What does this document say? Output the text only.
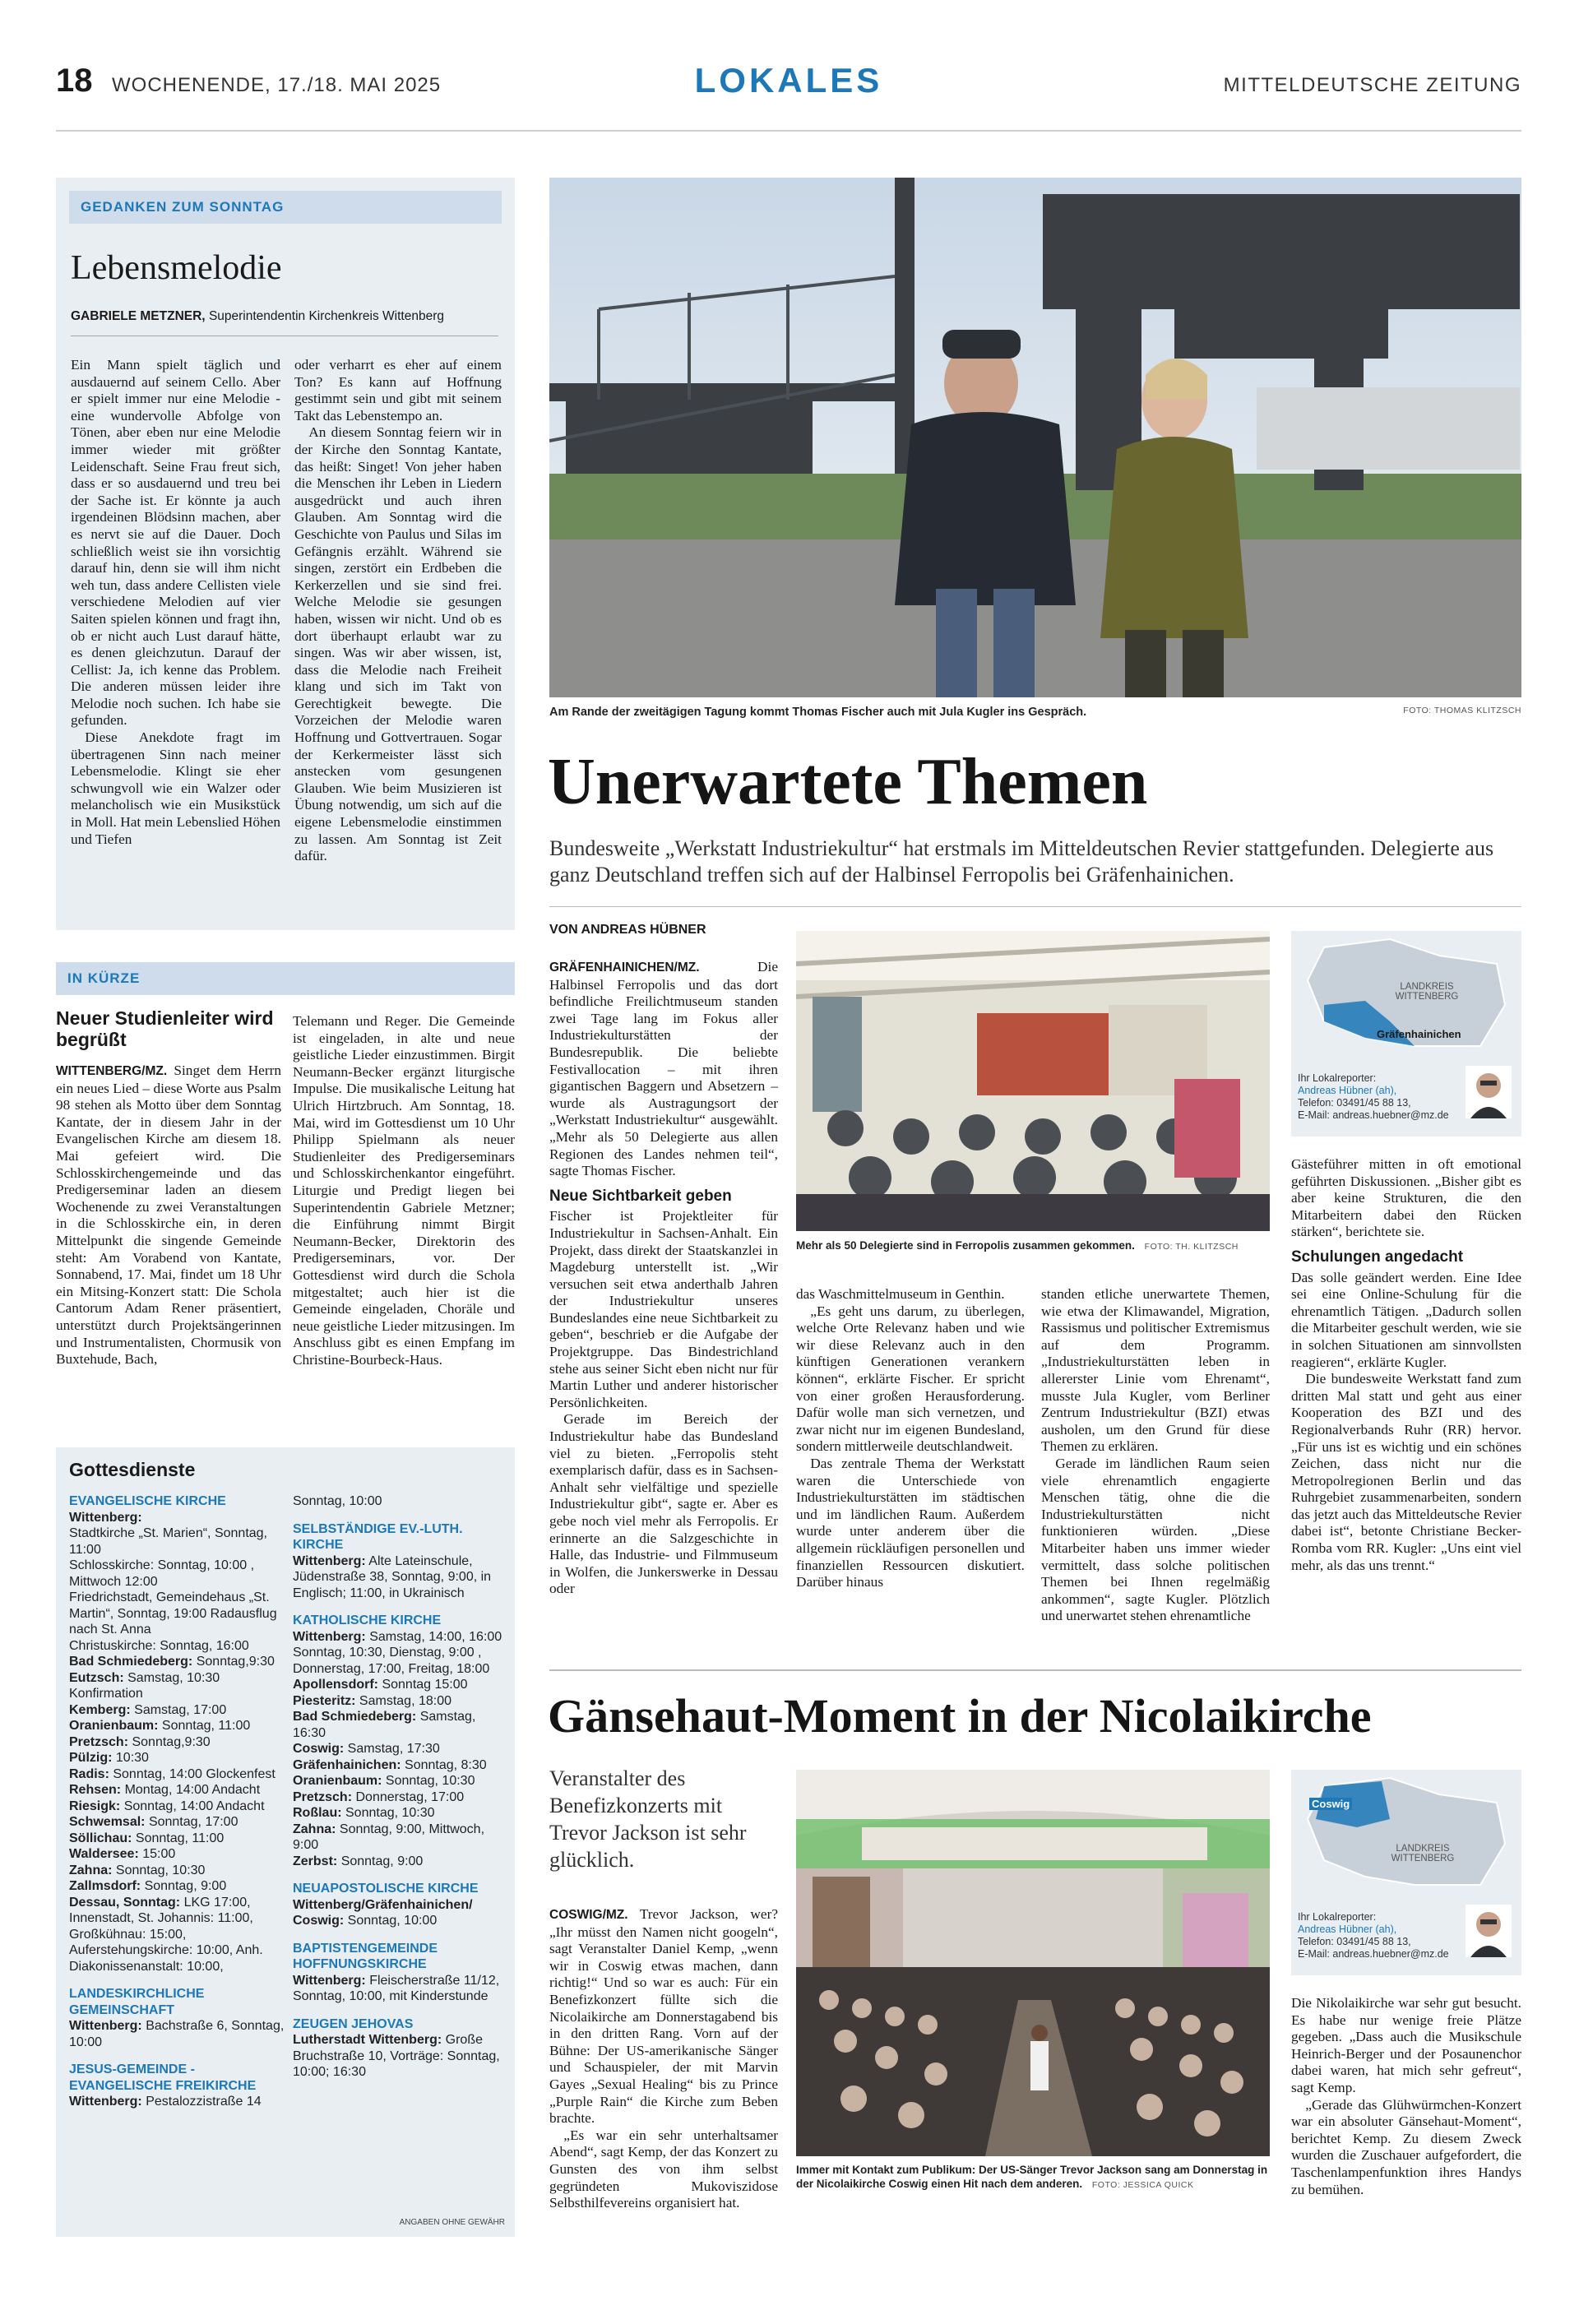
18 WOCHENENDE, 17./18. MAI 2025	LOKALES	MITTELDEUTSCHE ZEITUNG
GEDANKEN ZUM SONNTAG
Lebensmelodie
GABRIELE METZNER, Superintendentin Kirchenkreis Wittenberg

Ein Mann spielt täglich und ausdauernd auf seinem Cello. Aber er spielt immer nur eine Melodie - eine wundervolle Abfolge von Tönen, aber eben nur eine Melodie immer wieder mit größter Leidenschaft. Seine Frau freut sich, dass er so ausdauernd und treu bei der Sache ist. Er könnte ja auch irgendeinen Blödsinn machen, aber es nervt sie auf die Dauer. Doch schließlich weist sie ihn vorsichtig darauf hin, denn sie will ihm nicht weh tun, dass andere Cellisten viele verschiedene Melodien auf vier Saiten spielen können und fragt ihn, ob er nicht auch Lust darauf hätte, es denen gleichzutun. Darauf der Cellist: Ja, ich kenne das Problem. Die anderen müssen leider ihre Melodie noch suchen. Ich habe sie gefunden.

Diese Anekdote fragt im übertragenen Sinn nach meiner Lebensmelodie. Klingt sie eher schwungvoll wie ein Walzer oder melancholisch wie ein Musikstück in Moll. Hat mein Lebenslied Höhen und Tiefen

oder verharrt es eher auf einem Ton? Es kann auf Hoffnung gestimmt sein und gibt mit seinem Takt das Lebenstempo an.

An diesem Sonntag feiern wir in der Kirche den Sonntag Kantate, das heißt: Singet! Von jeher haben die Menschen ihr Leben in Liedern ausgedrückt und auch ihren Glauben. Am Sonntag wird die Geschichte von Paulus und Silas im Gefängnis erzählt. Während sie singen, zerstört ein Erdbeben die Kerkerzellen und sie sind frei. Welche Melodie sie gesungen haben, wissen wir nicht. Und ob es dort überhaupt erlaubt war zu singen. Was wir aber wissen, ist, dass die Melodie nach Freiheit klang und sich im Takt von Gerechtigkeit bewegte. Die Vorzeichen der Melodie waren Hoffnung und Gottvertrauen. Sogar der Kerkermeister lässt sich anstecken vom gesungenen Glauben. Wie beim Musizieren ist Übung notwendig, um sich auf die eigene Lebensmelodie einstimmen zu lassen. Am Sonntag ist Zeit dafür.

IN KÜRZE
Neuer Studienleiter wird begrüßt

WITTENBERG/MZ. Singet dem Herrn ein neues Lied – diese Worte aus Psalm 98 stehen als Motto über dem Sonntag Kantate, der in diesem Jahr in der Evangelischen Kirche am diesem 18. Mai gefeiert wird. Die Schlosskirchengemeinde und das Predigerseminar laden an diesem Wochenende zu zwei Veranstaltungen in die Schlosskirche ein, in deren Mittelpunkt die singende Gemeinde steht: Am Vorabend von Kantate, Sonnabend, 17. Mai, findet um 18 Uhr ein Mitsing-Konzert statt: Die Schola Cantorum Adam Rener präsentiert, unterstützt durch Projektsängerinnen und Instrumentalisten, Chormusik von Buxtehude, Bach,

Telemann und Reger. Die Gemeinde ist eingeladen, in alte und neue geistliche Lieder einzustimmen. Birgit Neumann-Becker ergänzt liturgische Impulse. Die musikalische Leitung hat Ulrich Hirtzbruch. Am Sonntag, 18. Mai, wird im Gottesdienst um 10 Uhr Philipp Spielmann als neuer Studienleiter des Predigerseminars und Schlosskirchenkantor eingeführt. Liturgie und Predigt liegen bei Superintendentin Gabriele Metzner; die Einführung nimmt Birgit Neumann-Becker, Direktorin des Predigerseminars, vor. Der Gottesdienst wird durch die Schola mitgestaltet; auch hier ist die Gemeinde eingeladen, Choräle und neue geistliche Lieder mitzusingen. Im Anschluss gibt es einen Empfang im Christine-Bourbeck-Haus.

Gottesdienste
EVANGELISCHE KIRCHE
Wittenberg:
Stadtkirche „St. Marien“, Sonntag, 11:00
Schlosskirche: Sonntag, 10:00 , Mittwoch 12:00
Friedrichstadt, Gemeindehaus „St. Martin“, Sonntag, 19:00 Radausflug nach St. Anna
Christuskirche: Sonntag, 16:00
Bad Schmiedeberg: Sonntag,9:30
Eutzsch: Samstag, 10:30 Konfirmation
Kemberg: Samstag, 17:00
Oranienbaum: Sonntag, 11:00
Pretzsch: Sonntag,9:30
Pülzig: 10:30
Radis: Sonntag, 14:00 Glockenfest
Rehsen: Montag, 14:00 Andacht
Riesigk: Sonntag, 14:00 Andacht
Schwemsal: Sonntag, 17:00
Söllichau: Sonntag, 11:00
Waldersee: 15:00
Zahna: Sonntag, 10:30
Zallmsdorf: Sonntag, 9:00
Dessau, Sonntag: LKG 17:00, Innenstadt, St. Johannis: 11:00, Großkühnau: 15:00, Auferstehungskirche: 10:00, Anh. Diakonissenanstalt: 10:00,
LANDESKIRCHLICHE GEMEINSCHAFT
Wittenberg: Bachstraße 6, Sonntag, 10:00
JESUS-GEMEINDE - EVANGELISCHE FREIKIRCHE
Wittenberg: Pestalozzistraße 14
Sonntag, 10:00
SELBSTÄNDIGE EV.-LUTH. KIRCHE
Wittenberg: Alte Lateinschule, Jüdenstraße 38, Sonntag, 9:00, in Englisch; 11:00, in Ukrainisch
KATHOLISCHE KIRCHE
Wittenberg: Samstag, 14:00, 16:00 Sonntag, 10:30, Dienstag, 9:00 , Donnerstag, 17:00, Freitag, 18:00
Apollensdorf: Sonntag 15:00
Piesteritz: Samstag, 18:00
Bad Schmiedeberg: Samstag, 16:30
Coswig: Samstag, 17:30
Gräfenhainichen: Sonntag, 8:30
Oranienbaum: Sonntag, 10:30
Pretzsch: Donnerstag, 17:00
Roßlau: Sonntag, 10:30
Zahna: Sonntag, 9:00, Mittwoch, 9:00
Zerbst: Sonntag, 9:00
NEUAPOSTOLISCHE KIRCHE
Wittenberg/Gräfenhainichen/ Coswig: Sonntag, 10:00
BAPTISTENGEMEINDE HOFFNUNGSKIRCHE
Wittenberg: Fleischerstraße 11/12, Sonntag, 10:00, mit Kinderstunde
ZEUGEN JEHOVAS
Lutherstadt Wittenberg: Große Bruchstraße 10, Vorträge: Sonntag, 10:00; 16:30
ANGABEN OHNE GEWÄHR
Am Rande der zweitägigen Tagung kommt Thomas Fischer auch mit Jula Kugler ins Gespräch.	FOTO: THOMAS KLITZSCH
Unerwartete Themen
Bundesweite „Werkstatt Industriekultur“ hat erstmals im Mitteldeutschen Revier stattgefunden. Delegierte aus ganz Deutschland treffen sich auf der Halbinsel Ferropolis bei Gräfenhainichen.
VON ANDREAS HÜBNER

GRÄFENHAINICHEN/MZ.	Die Halbinsel Ferropolis und das dort befindliche Freilichtmuseum standen zwei Tage lang im Fokus aller Industriekulturstätten der Bundesrepublik. Die beliebte Festivallocation – mit ihren gigantischen Baggern und Absetzern – wurde als Austragungsort der „Werkstatt Industriekultur“ ausgewählt. „Mehr als 50 Delegierte aus allen Regionen des Landes nehmen teil“, sagte Thomas Fischer.

Neue Sichtbarkeit geben

Fischer ist Projektleiter für Industriekultur in Sachsen-Anhalt. Ein Projekt, dass direkt der Staatskanzlei in Magdeburg unterstellt ist. „Wir versuchen seit etwa anderthalb Jahren der Industriekultur unseres Bundeslandes eine neue Sichtbarkeit zu geben“, beschrieb er die Aufgabe der Projektgruppe. Das Bindestrichland stehe aus seiner Sicht eben nicht nur für Martin Luther und anderer historischer Persönlichkeiten.

Gerade im Bereich der Industriekultur habe das Bundesland viel zu bieten. „Ferropolis steht exemplarisch dafür, dass es in Sachsen-Anhalt sehr vielfältige und spezielle Industriekultur gibt“, sagte er. Aber es gebe noch viel mehr als Ferropolis. Er erinnerte an die Salzgeschichte in Halle, das Industrie- und Filmmuseum in Wolfen, die Junkerswerke in Dessau oder

Mehr als 50 Delegierte sind in Ferropolis zusammen gekommen. FOTO: TH. KLITZSCH

das Waschmittelmuseum in Genthin.

„Es geht uns darum, zu überlegen, welche Orte Relevanz haben und wie wir diese Relevanz auch in den künftigen Generationen verankern können“, erklärte Fischer. Er spricht von einer großen Herausforderung. Dafür wolle man sich vernetzen, und zwar nicht nur im eigenen Bundesland, sondern mittlerweile deutschlandweit.

Das zentrale Thema der Werkstatt waren die Unterschiede von Industriekulturstätten im städtischen und im ländlichen Raum. Außerdem wurde unter anderem über die allgemein rückläufigen personellen und finanziellen Ressourcen diskutiert. Darüber hinaus

standen etliche unerwartete Themen, wie etwa der Klimawandel, Migration, Rassismus und politischer Extremismus auf dem Programm. „Industriekulturstätten leben in allererster Linie vom Ehrenamt“, musste Jula Kugler, vom Berliner Zentrum Industriekultur (BZI) etwas ausholen, um den Grund für diese Themen zu erklären.

Gerade im ländlichen Raum seien viele ehrenamtlich engagierte Menschen tätig, ohne die die Industriekulturstätten nicht funktionieren würden. „Diese Mitarbeiter haben uns immer wieder vermittelt, dass solche politischen Themen bei Ihnen regelmäßig ankommen“, sagte Kugler. Plötzlich und unerwartet stehen ehrenamtliche

LANDKREIS WITTENBERG
Gräfenhainichen
Ihr Lokalreporter:
Andreas Hübner (ah),
Telefon: 03491/45 88 13,
E-Mail: andreas.huebner@mz.de

Gästeführer mitten in oft emotional geführten Diskussionen. „Bisher gibt es aber keine Strukturen, die den Mitarbeitern dabei den Rücken stärken“, berichtete sie.

Schulungen angedacht

Das solle geändert werden. Eine Idee sei eine Online-Schulung für die ehrenamtlich Tätigen. „Dadurch sollen die Mitarbeiter geschult werden, wie sie in solchen Situationen am sinnvollsten reagieren“, erklärte Kugler.

Die bundesweite Werkstatt fand zum dritten Mal statt und geht aus einer Kooperation des BZI und des Regionalverbands Ruhr (RR) hervor. „Für uns ist es wichtig und ein schönes Zeichen, dass nicht nur die Metropolregionen Berlin und das Ruhrgebiet zusammenarbeiten, sondern das jetzt auch das Mitteldeutsche Revier dabei ist“, betonte Christiane Becker-Romba vom RR. Kugler: „Uns eint viel mehr, als das uns trennt.“

Gänsehaut-Moment in der Nicolaikirche
Veranstalter des Benefizkonzerts mit Trevor Jackson ist sehr glücklich.

COSWIG/MZ. Trevor Jackson, wer? „Ihr müsst den Namen nicht googeln“, sagt Veranstalter Daniel Kemp, „wenn wir in Coswig etwas machen, dann richtig!“ Und so war es auch: Für ein Benefizkonzert füllte sich die Nicolaikirche am Donnerstagabend bis in den dritten Rang. Vorn auf der Bühne: Der US-amerikanische Sänger und Schauspieler, der mit Marvin Gayes „Sexual Healing“ bis zu Prince „Purple Rain“ die Kirche zum Beben brachte.

„Es war ein sehr unterhaltsamer Abend“, sagt Kemp, der das Konzert zu Gunsten des von ihm selbst gegründeten Mukoviszidose Selbsthilfevereins organisiert hat.

Immer mit Kontakt zum Publikum: Der US-Sänger Trevor Jackson sang am Donnerstag in der Nicolaikirche Coswig einen Hit nach dem anderen. FOTO: JESSICA QUICK
Coswig
LANDKREIS WITTENBERG
Ihr Lokalreporter:
Andreas Hübner (ah),
Telefon: 03491/45 88 13,
E-Mail: andreas.huebner@mz.de

Die Nikolaikirche war sehr gut besucht. Es habe nur wenige freie Plätze gegeben. „Dass auch die Musikschule Heinrich-Berger und der Posaunenchor dabei waren, hat mich sehr gefreut“, sagt Kemp.

„Gerade das Glühwürmchen-Konzert war ein absoluter Gänsehaut-Moment“, berichtet Kemp. Zu diesem Zweck wurden die Zuschauer aufgefordert, die Taschenlampenfunktion ihres Handys zu bemühen.
